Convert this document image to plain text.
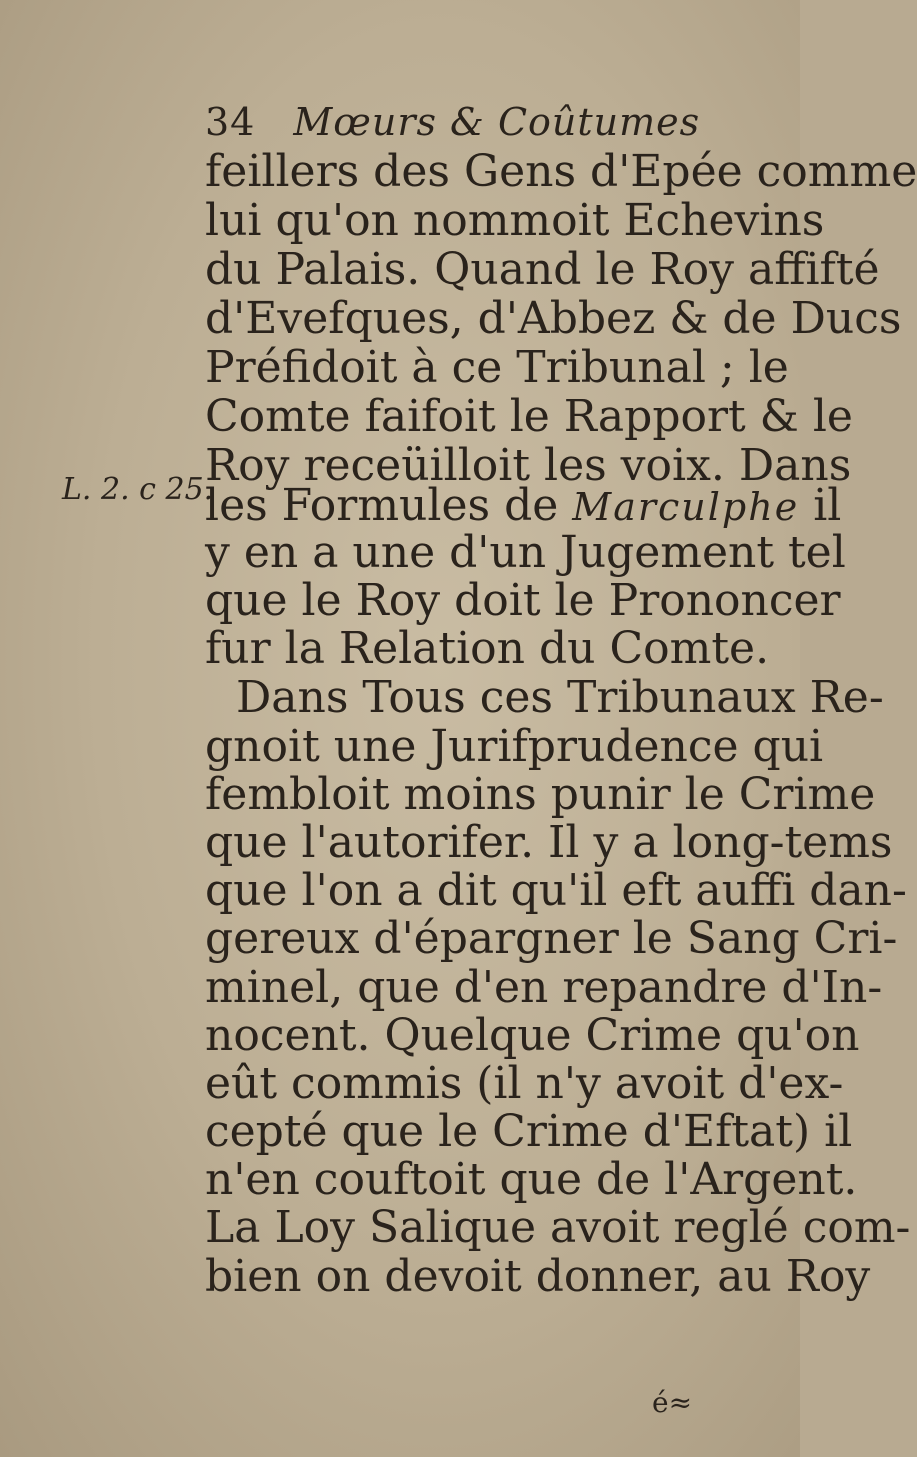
34 Mœurs & Coûtumes
L. 2. c 25.
feillers des Gens d'Epée comme
lui qu'on nommoit Echevins
du Palais. Quand le Roy affifté
d'Evefques, d'Abbez & de Ducs
Préfidoit à ce Tribunal ; le
Comte faifoit le Rapport & le
Roy receüilloit les voix. Dans
les Formules de Marculphe il
y en a une d'un Jugement tel
que le Roy doit le Prononcer
fur la Relation du Comte.
Dans Tous ces Tribunaux Re-
gnoit une Jurifprudence qui
fembloit moins punir le Crime
que l'autorifer. Il y a long-tems
que l'on a dit qu'il eft auffi dan-
gereux d'épargner le Sang Cri-
minel, que d'en repandre d'In-
nocent. Quelque Crime qu'on
eût commis (il n'y avoit d'ex-
cepté que le Crime d'Eftat) il
n'en couftoit que de l'Argent.
La Loy Salique avoit reglé com-
bien on devoit donner, au Roy
é≈
